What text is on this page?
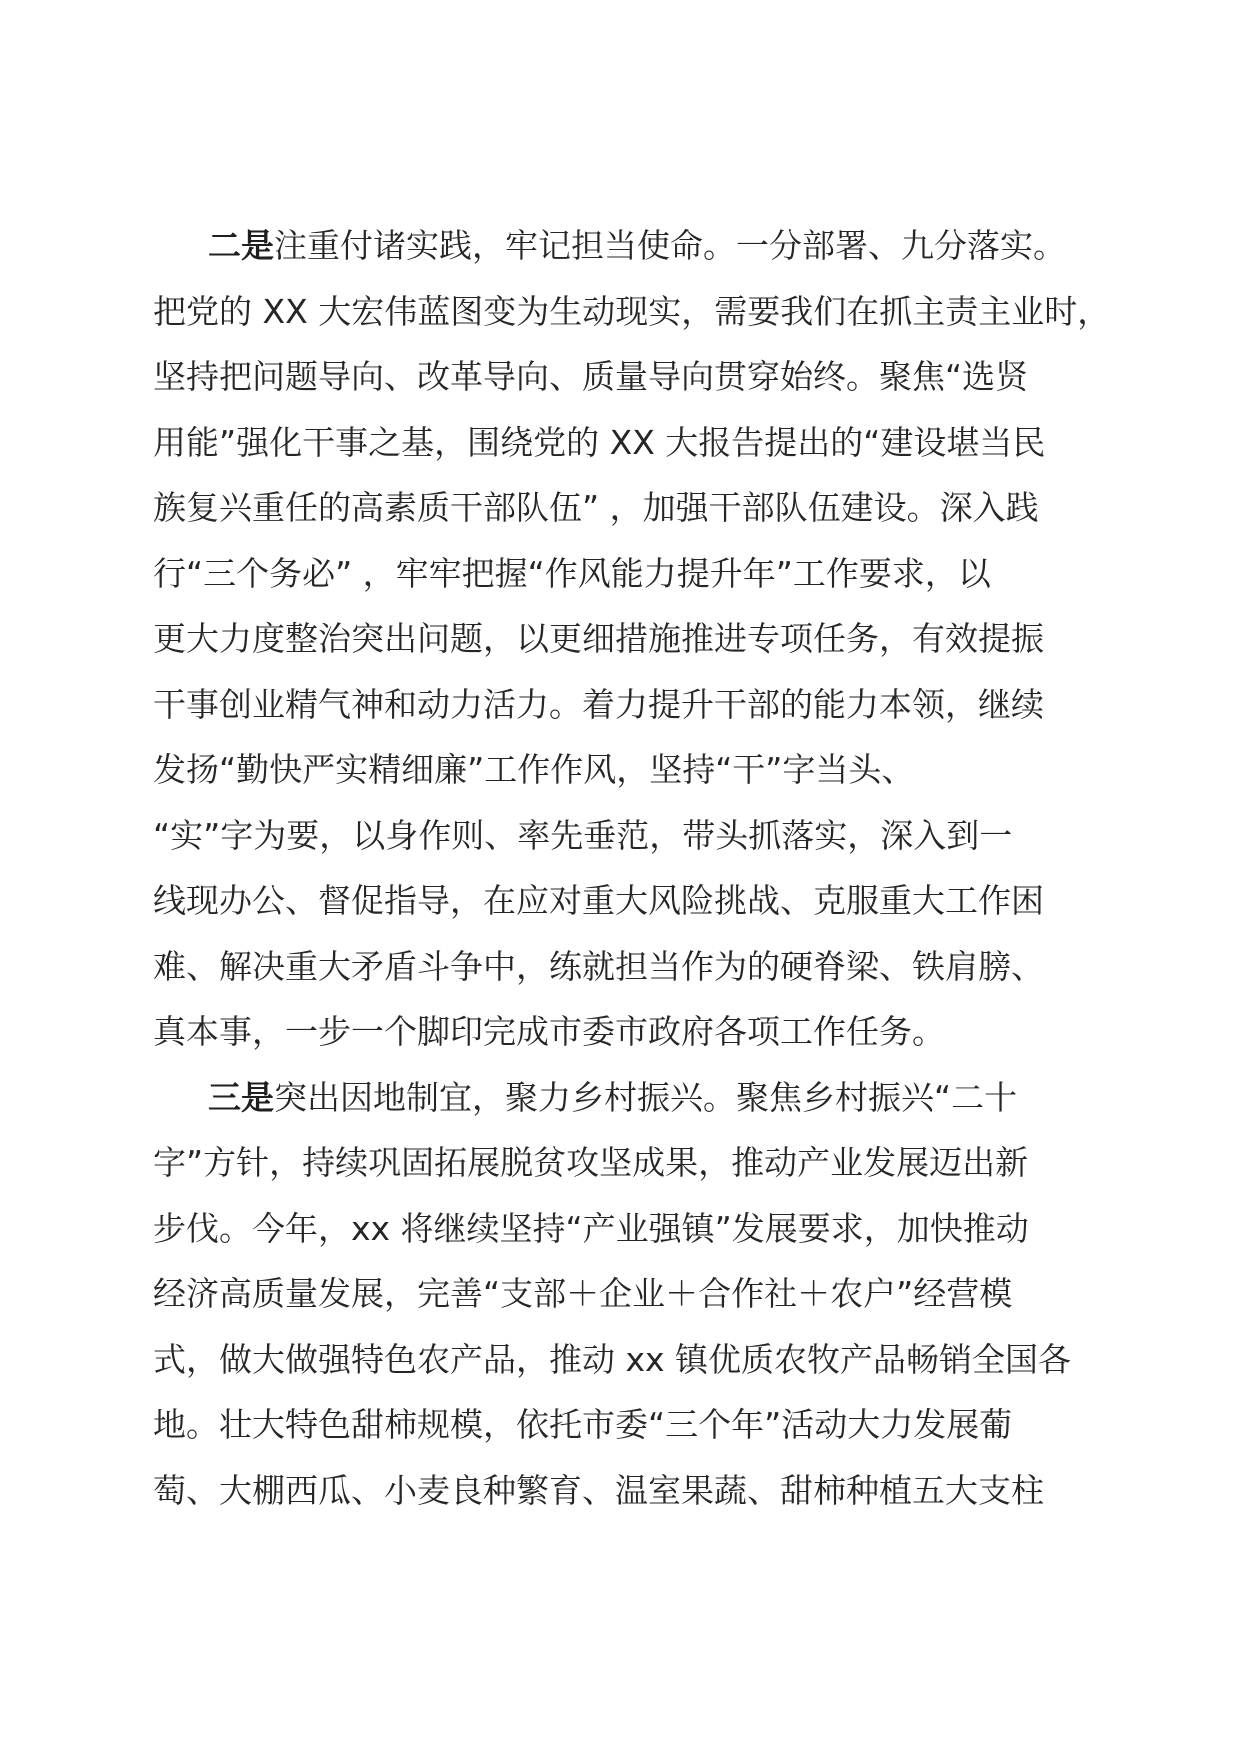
二是注重付诸实践，牢记担当使命。一分部署、九分落实。
把党的 XX 大宏伟蓝图变为生动现实，需要我们在抓主责主业时，
坚持把问题导向、改革导向、质量导向贯穿始终。聚焦“选贤
用能”强化干事之基，围绕党的 XX 大报告提出的“建设堪当民
族复兴重任的高素质干部队伍” ，加强干部队伍建设。深入践
行“三个务必” ，牢牢把握“作风能力提升年”工作要求，以
更大力度整治突出问题，以更细措施推进专项任务，有效提振
干事创业精气神和动力活力。着力提升干部的能力本领，继续
发扬“勤快严实精细廉”工作作风，坚持“干”字当头、
“实”字为要，以身作则、率先垂范，带头抓落实，深入到一
线现办公、督促指导，在应对重大风险挑战、克服重大工作困
难、解决重大矛盾斗争中，练就担当作为的硬脊梁、铁肩膀、
真本事，一步一个脚印完成市委市政府各项工作任务。
三是突出因地制宜，聚力乡村振兴。聚焦乡村振兴“二十
字”方针，持续巩固拓展脱贫攻坚成果，推动产业发展迈出新
步伐。今年，xx 将继续坚持“产业强镇”发展要求，加快推动
经济高质量发展，完善“支部＋企业＋合作社＋农户”经营模
式，做大做强特色农产品，推动 xx 镇优质农牧产品畅销全国各
地。壮大特色甜柿规模，依托市委“三个年”活动大力发展葡
萄、大棚西瓜、小麦良种繁育、温室果蔬、甜柿种植五大支柱
